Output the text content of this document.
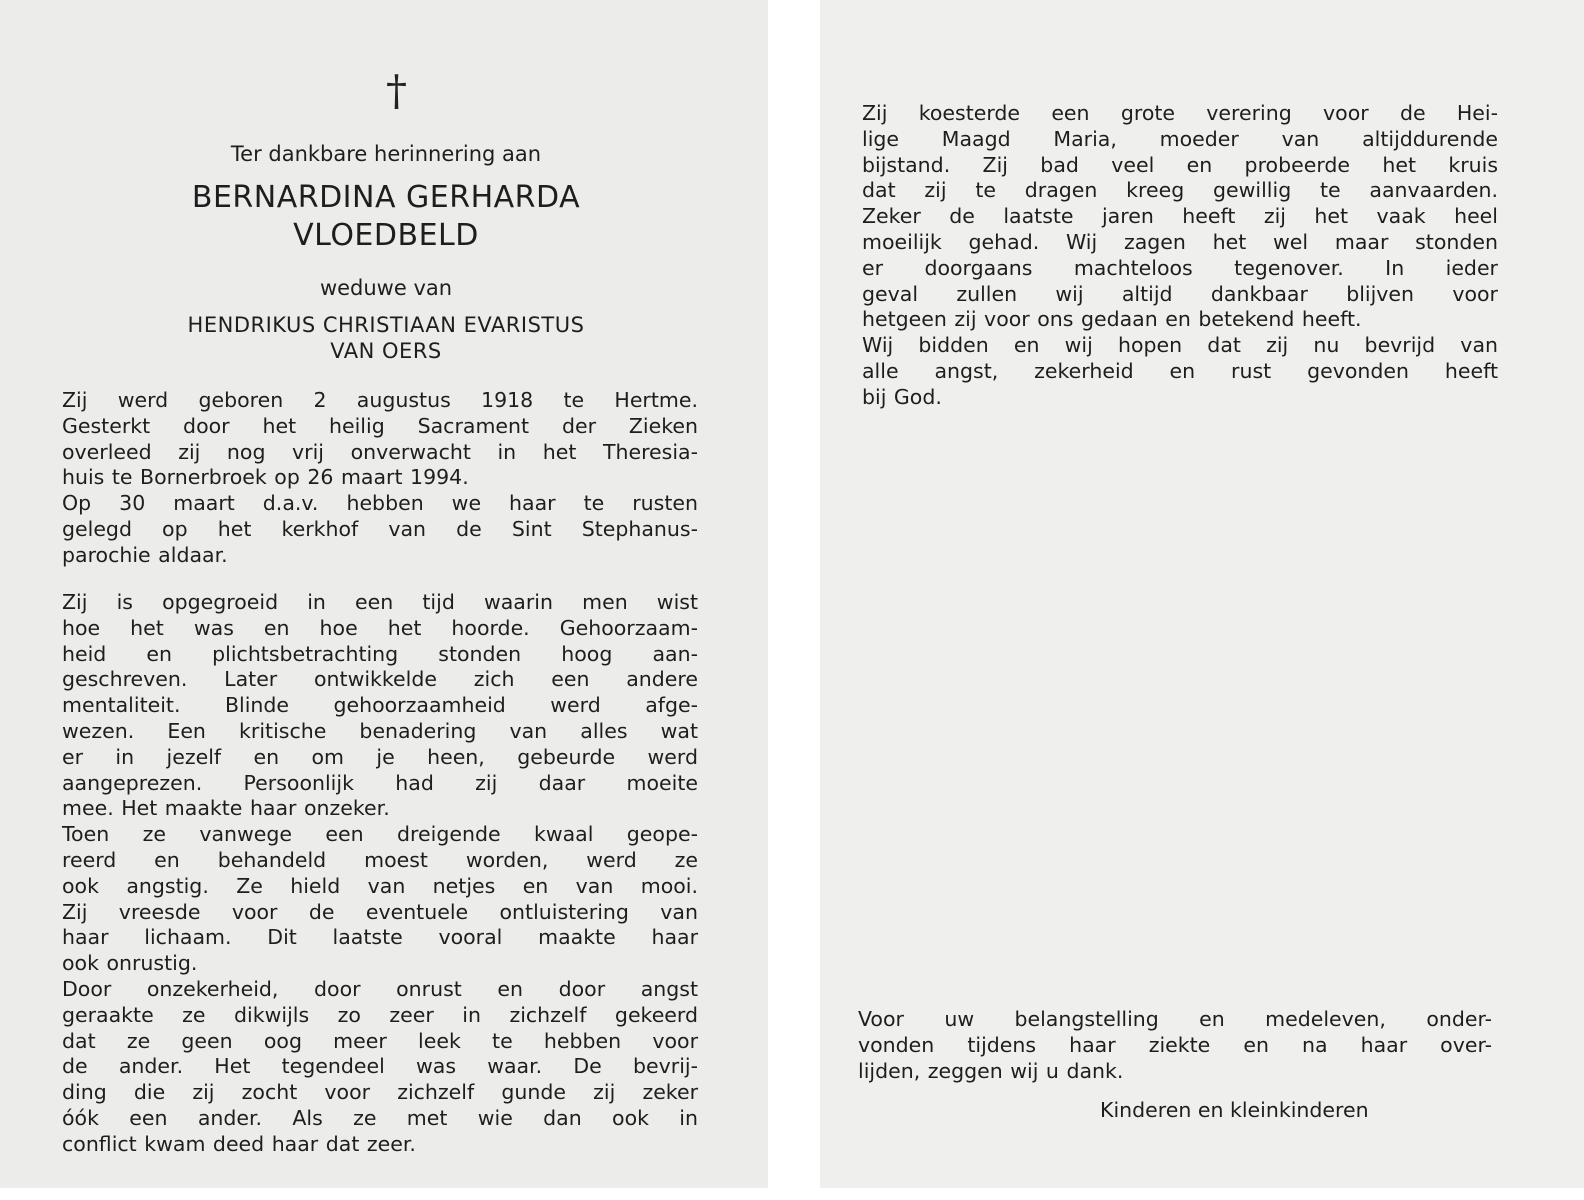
†
Ter dankbare herinnering aan
BERNARDINA GERHARDA
VLOEDBELD
weduwe van
HENDRIKUS CHRISTIAAN EVARISTUS
VAN OERS
Zij werd geboren 2 augustus 1918 te Hertme.
Gesterkt door het heilig Sacrament der Zieken
overleed zij nog vrij onverwacht in het Theresia-
huis te Bornerbroek op 26 maart 1994.
Op 30 maart d.a.v. hebben we haar te rusten
gelegd op het kerkhof van de Sint Stephanus-
parochie aldaar.
Zij is opgegroeid in een tijd waarin men wist
hoe het was en hoe het hoorde. Gehoorzaam-
heid en plichtsbetrachting stonden hoog aan-
geschreven. Later ontwikkelde zich een andere
mentaliteit. Blinde gehoorzaamheid werd afge-
wezen. Een kritische benadering van alles wat
er in jezelf en om je heen, gebeurde werd
aangeprezen. Persoonlijk had zij daar moeite
mee. Het maakte haar onzeker.
Toen ze vanwege een dreigende kwaal geope-
reerd en behandeld moest worden, werd ze
ook angstig. Ze hield van netjes en van mooi.
Zij vreesde voor de eventuele ontluistering van
haar lichaam. Dit laatste vooral maakte haar
ook onrustig.
Door onzekerheid, door onrust en door angst
geraakte ze dikwijls zo zeer in zichzelf gekeerd
dat ze geen oog meer leek te hebben voor
de ander. Het tegendeel was waar. De bevrij-
ding die zij zocht voor zichzelf gunde zij zeker
óók een ander. Als ze met wie dan ook in
conflict kwam deed haar dat zeer.
Zij koesterde een grote verering voor de Hei-
lige Maagd Maria, moeder van altijddurende
bijstand. Zij bad veel en probeerde het kruis
dat zij te dragen kreeg gewillig te aanvaarden.
Zeker de laatste jaren heeft zij het vaak heel
moeilijk gehad. Wij zagen het wel maar stonden
er doorgaans machteloos tegenover. In ieder
geval zullen wij altijd dankbaar blijven voor
hetgeen zij voor ons gedaan en betekend heeft.
Wij bidden en wij hopen dat zij nu bevrijd van
alle angst, zekerheid en rust gevonden heeft
bij God.
Voor uw belangstelling en medeleven, onder-
vonden tijdens haar ziekte en na haar over-
lijden, zeggen wij u dank.
Kinderen en kleinkinderen
